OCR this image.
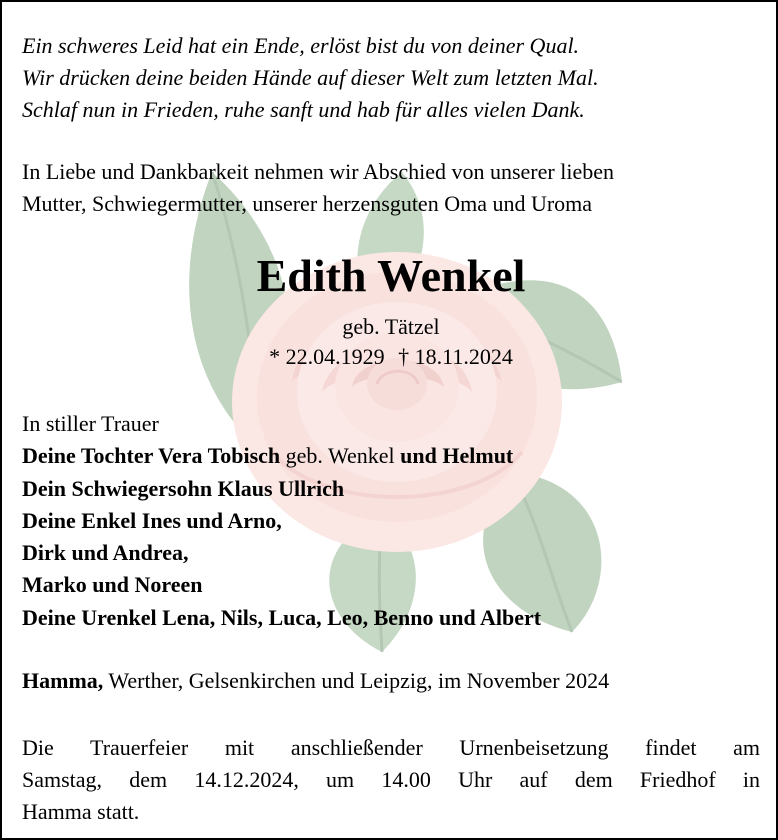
Ein schweres Leid hat ein Ende, erlöst bist du von deiner Qual.
Wir drücken deine beiden Hände auf dieser Welt zum letzten Mal.
Schlaf nun in Frieden, ruhe sanft und hab für alles vielen Dank.
In Liebe und Dankbarkeit nehmen wir Abschied von unserer lieben
Mutter, Schwiegermutter, unserer herzensguten Oma und Uroma
Edith Wenkel
geb. Tätzel
* 22.04.1929 † 18.11.2024
In stiller Trauer
Deine Tochter Vera Tobisch geb. Wenkel und Helmut
Dein Schwiegersohn Klaus Ullrich
Deine Enkel Ines und Arno,
Dirk und Andrea,
Marko und Noreen
Deine Urenkel Lena, Nils, Luca, Leo, Benno und Albert
Hamma, Werther, Gelsenkirchen und Leipzig, im November 2024
Die Trauerfeier mit anschließender Urnenbeisetzung findet am
Samstag, dem 14.12.2024, um 14.00 Uhr auf dem Friedhof in
Hamma statt.
